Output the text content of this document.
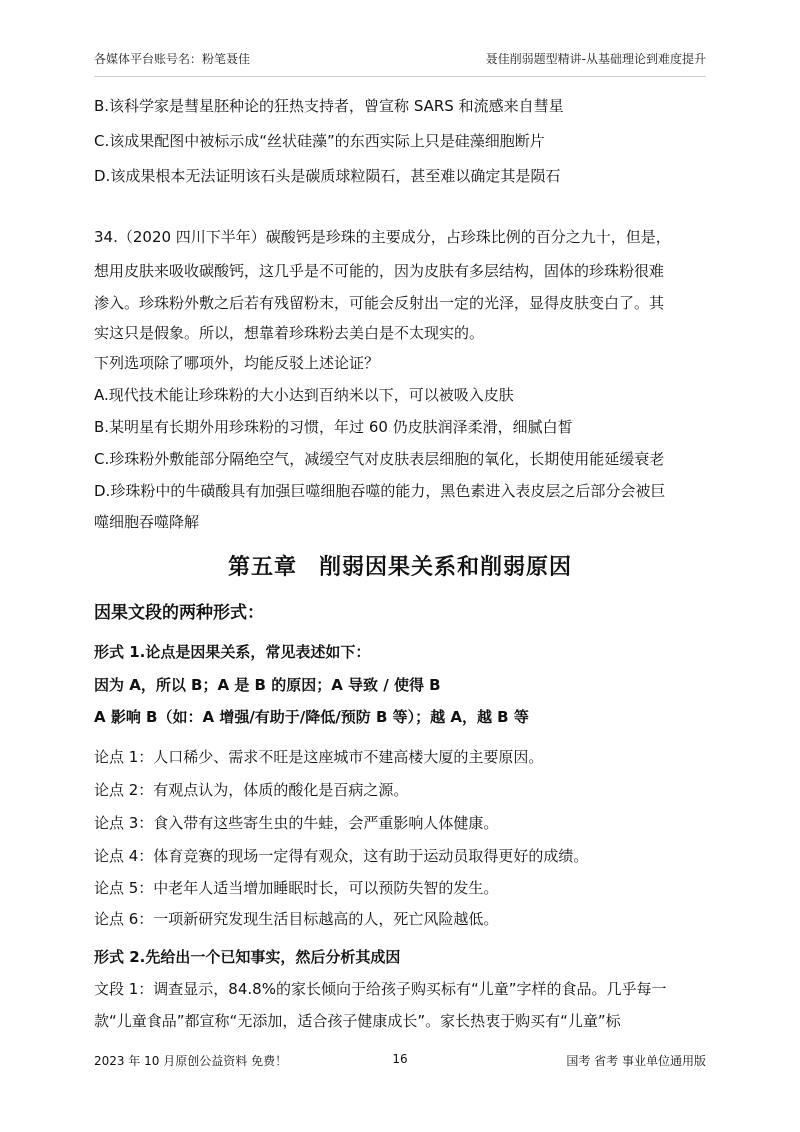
各媒体平台账号名：粉笔聂佳	聂佳削弱题型精讲-从基础理论到难度提升
B.该科学家是彗星胚种论的狂热支持者，曾宣称 SARS 和流感来自彗星
C.该成果配图中被标示成“丝状硅藻”的东西实际上只是硅藻细胞断片
D.该成果根本无法证明该石头是碳质球粒陨石，甚至难以确定其是陨石
34.（2020 四川下半年）碳酸钙是珍珠的主要成分，占珍珠比例的百分之九十，但是，
想用皮肤来吸收碳酸钙，这几乎是不可能的，因为皮肤有多层结构，固体的珍珠粉很难
渗入。珍珠粉外敷之后若有残留粉末，可能会反射出一定的光泽，显得皮肤变白了。其
实这只是假象。所以，想靠着珍珠粉去美白是不太现实的。
下列选项除了哪项外，均能反驳上述论证？
A.现代技术能让珍珠粉的大小达到百纳米以下，可以被吸入皮肤
B.某明星有长期外用珍珠粉的习惯，年过 60 仍皮肤润泽柔滑，细腻白皙
C.珍珠粉外敷能部分隔绝空气，减缓空气对皮肤表层细胞的氧化，长期使用能延缓衰老
D.珍珠粉中的牛磺酸具有加强巨噬细胞吞噬的能力，黑色素进入表皮层之后部分会被巨
噬细胞吞噬降解
第五章 削弱因果关系和削弱原因
因果文段的两种形式：
形式 1.论点是因果关系，常见表述如下：
因为 A，所以 B；A 是 B 的原因；A 导致 / 使得 B
A 影响 B（如：A 增强/有助于/降低/预防 B 等）；越 A，越 B 等
论点 1：人口稀少、需求不旺是这座城市不建高楼大厦的主要原因。
论点 2：有观点认为，体质的酸化是百病之源。
论点 3：食入带有这些寄生虫的牛蛙，会严重影响人体健康。
论点 4：体育竞赛的现场一定得有观众，这有助于运动员取得更好的成绩。
论点 5：中老年人适当增加睡眠时长，可以预防失智的发生。
论点 6：一项新研究发现生活目标越高的人，死亡风险越低。
形式 2.先给出一个已知事实，然后分析其成因
文段 1：调查显示，84.8%的家长倾向于给孩子购买标有“儿童”字样的食品。几乎每一
款“儿童食品”都宣称“无添加，适合孩子健康成长”。家长热衷于购买有“儿童”标
2023 年 10 月原创公益资料 免费！	16	国考 省考 事业单位通用版
